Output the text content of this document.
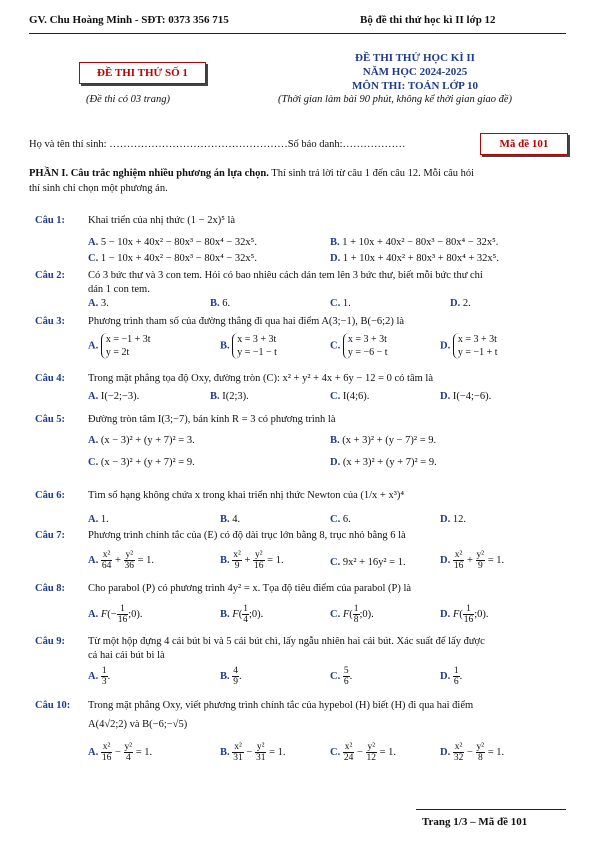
GV. Chu Hoàng Minh - SĐT: 0373 356 715	Bộ đề thi thử học kì II lớp 12
ĐỀ THI THỬ SỐ 1
(Đề thi có 03 trang)
ĐỀ THI THỬ HỌC KÌ II
NĂM HỌC 2024-2025
MÔN THI: TOÁN LỚP 10
(Thời gian làm bài 90 phút, không kể thời gian giao đề)
Họ và tên thí sinh: ……………………………………………Số báo danh:………………	Mã đề 101
PHẦN I. Câu trắc nghiệm nhiều phương án lựa chọn. Thí sinh trả lời từ câu 1 đến câu 12. Mỗi câu hỏi
thí sinh chỉ chọn một phương án.
Câu 1: Khai triển của nhị thức (1 − 2x)⁵ là
A. 5 − 10x + 40x² − 80x³ − 80x⁴ − 32x⁵.	B. 1 + 10x + 40x² − 80x³ − 80x⁴ − 32x⁵.
C. 1 − 10x + 40x² − 80x³ − 80x⁴ − 32x⁵.	D. 1 + 10x + 40x² + 80x³ + 80x⁴ + 32x⁵.
Câu 2: Có 3 bức thư và 3 con tem. Hỏi có bao nhiêu cách dán tem lên 3 bức thư, biết mỗi bức thư chỉ
dán 1 con tem.
A. 3.	B. 6.	C. 1.	D. 2.
Câu 3: Phương trình tham số của đường thẳng đi qua hai điểm A(3;−1), B(−6;2) là
A. x = −1 + 3t
y = 2t
B. x = 3 + 3t
y = −1 − t
C. x = 3 + 3t
y = −6 − t
D. x = 3 + 3t
y = −1 + t
Câu 4: Trong mặt phẳng tọa độ Oxy, đường tròn (C): x² + y² + 4x + 6y − 12 = 0 có tâm là
A. I(−2;−3).	B. I(2;3).	C. I(4;6).	D. I(−4;−6).
Câu 5: Đường tròn tâm I(3;−7), bán kính R = 3 có phương trình là
A. (x − 3)² + (y + 7)² = 3.	B. (x + 3)² + (y − 7)² = 9.
C. (x − 3)² + (y + 7)² = 9.	D. (x + 3)² + (y + 7)² = 9.
Câu 6: Tìm số hạng không chứa x trong khai triển nhị thức Newton của (1/x + x³)⁴
A. 1.	B. 4.	C. 6.	D. 12.
Câu 7: Phương trình chính tắc của (E) có độ dài trục lớn bằng 8, trục nhỏ bằng 6 là
A. $\frac{\text{x²}}{64} + \frac{\text{y²}}{36} = 1$.	B. $\frac{\text{x²}}{9} + \frac{\text{y²}}{16} = 1$.	C. 9x² + 16y² = 1.	D. $\frac{\text{x²}}{16} + \frac{\text{y²}}{9} = 1$.
Câu 8: Cho parabol (P) có phương trình 4y² = x. Tọa độ tiêu điểm của parabol (P) là
A. $F(- \frac{1}{16}$ ;0).	B. $F( \frac{1}{4}$ ;0).	C. $F( \frac{1}{8}$ ;0).	D. $F( \frac{1}{16}$ ;0).
Câu 9: Từ một hộp đựng 4 cái bút bi và 5 cái bút chì, lấy ngẫu nhiên hai cái bút. Xác suất để lấy được
cả hai cái bút bi là
A. $\frac{1}{3}$ .	B. $\frac{4}{9}$ .	C. $\frac{5}{6}$ .	D. $\frac{1}{6}$ .
Câu 10: Trong mặt phẳng Oxy, viết phương trình chính tắc của hypebol (H) biết (H) đi qua hai điểm
A(4√2;2) và B(−6;−√5)
A. $\frac{\text{x²}}{16} - \frac{\text{y²}}{4} = 1$.	B. $\frac{\text{x²}}{31} - \frac{\text{y²}}{31} = 1$.	C. $\frac{\text{x²}}{24} - \frac{\text{y²}}{12} = 1$.	D. $\frac{\text{x²}}{32} - \frac{\text{y²}}{8} = 1$.
Trang 1/3 – Mã đề 101
